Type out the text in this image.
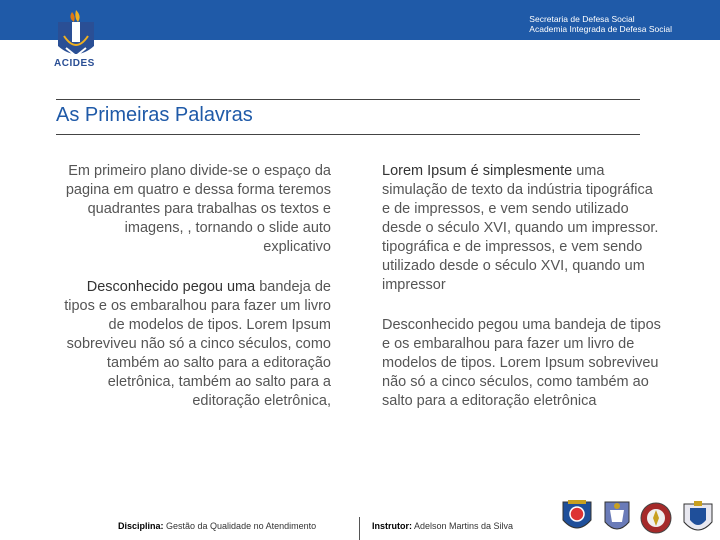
Secretaria de Defesa Social
Academia Integrada de Defesa Social
ACIDES
As Primeiras Palavras

Em primeiro plano divide-se o espaço da pagina em quatro e dessa forma teremos quadrantes para trabalhas os textos e imagens, , tornando o slide auto explicativo

Desconhecido pegou uma bandeja de tipos e os embaralhou para fazer um livro de modelos de tipos. Lorem Ipsum sobreviveu não só a cinco séculos, como também ao salto para a editoração eletrônica, também ao salto para a editoração eletrônica,

Lorem Ipsum é simplesmente uma simulação de texto da indústria tipográfica e de impressos, e vem sendo utilizado desde o século XVI, quando um impressor. tipográfica e de impressos, e vem sendo utilizado desde o século XVI, quando um impressor

Desconhecido pegou uma bandeja de tipos e os embaralhou para fazer um livro de modelos de tipos. Lorem Ipsum sobreviveu não só a cinco séculos, como também ao salto para a editoração eletrônica

Disciplina: Gestão da Qualidade no Atendimento	Instrutor: Adelson Martins da Silva
